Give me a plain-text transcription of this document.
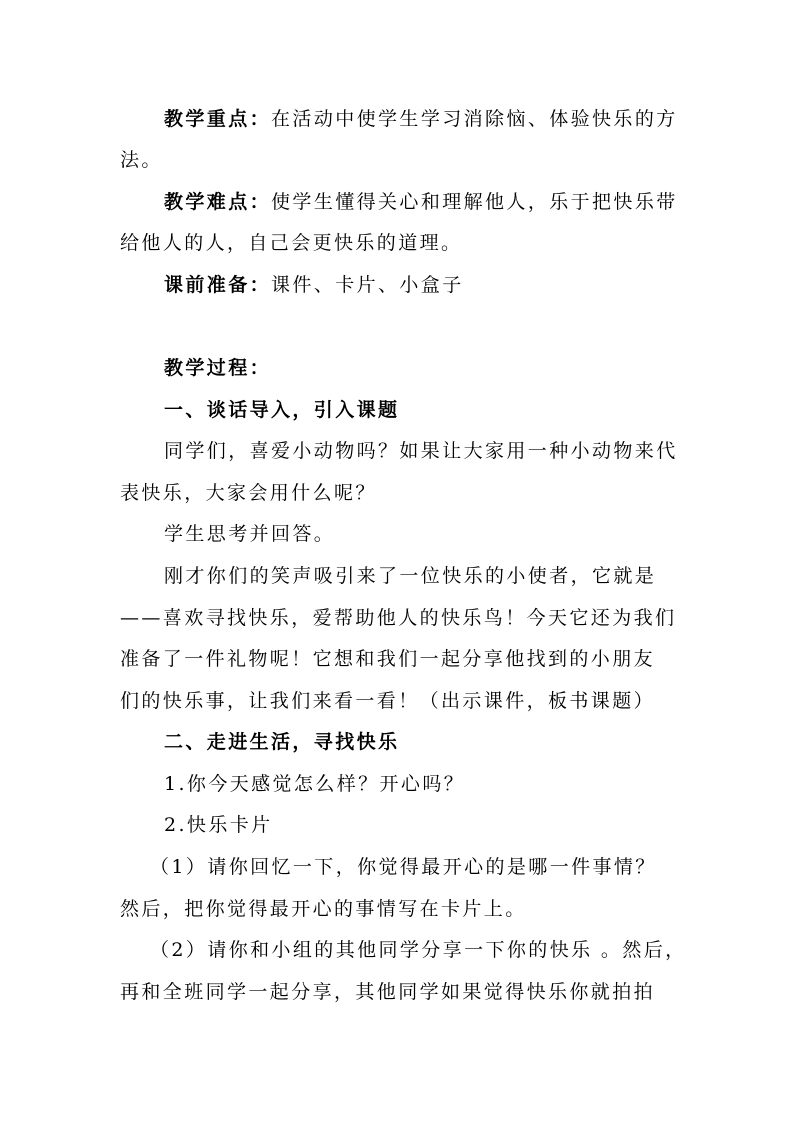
教学重点：在活动中使学生学习消除恼、体验快乐的方
法。
教学难点：使学生懂得关心和理解他人，乐于把快乐带
给他人的人，自己会更快乐的道理。
课前准备：课件、卡片、小盒子
教学过程：
一、谈话导入，引入课题
同学们，喜爱小动物吗？如果让大家用一种小动物来代
表快乐，大家会用什么呢？
学生思考并回答。
刚才你们的笑声吸引来了一位快乐的小使者，它就是
——喜欢寻找快乐，爱帮助他人的快乐鸟！今天它还为我们
准备了一件礼物呢！它想和我们一起分享他找到的小朋友
们的快乐事，让我们来看一看！（出示课件，板书课题）
二、走进生活，寻找快乐
1.你今天感觉怎么样？开心吗？
2.快乐卡片
（1）请你回忆一下，你觉得最开心的是哪一件事情？
然后，把你觉得最开心的事情写在卡片上。
（2）请你和小组的其他同学分享一下你的快乐 。然后，
再和全班同学一起分享，其他同学如果觉得快乐你就拍拍
